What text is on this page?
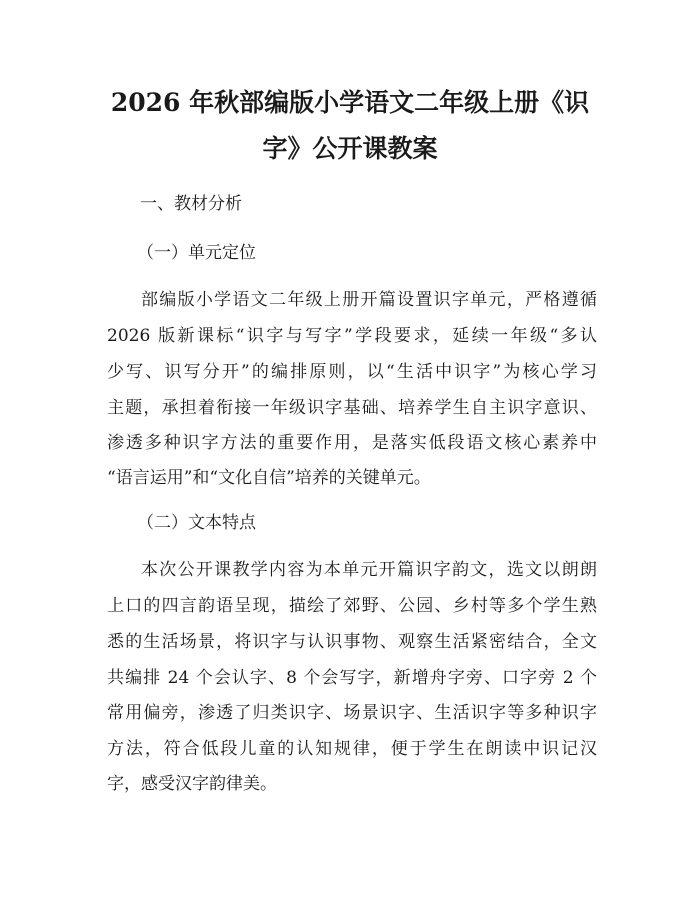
2026 年秋部编版小学语文二年级上册《识
字》公开课教案
一、教材分析
（一）单元定位
部编版小学语文二年级上册开篇设置识字单元，严格遵循
2026 版新课标“识字与写字”学段要求，延续一年级“多认
少写、识写分开”的编排原则，以“生活中识字”为核心学习
主题，承担着衔接一年级识字基础、培养学生自主识字意识、
渗透多种识字方法的重要作用，是落实低段语文核心素养中
“语言运用”和“文化自信”培养的关键单元。
（二）文本特点
本次公开课教学内容为本单元开篇识字韵文，选文以朗朗
上口的四言韵语呈现，描绘了郊野、公园、乡村等多个学生熟
悉的生活场景，将识字与认识事物、观察生活紧密结合，全文
共编排 24 个会认字、8 个会写字，新增舟字旁、口字旁 2 个
常用偏旁，渗透了归类识字、场景识字、生活识字等多种识字
方法，符合低段儿童的认知规律，便于学生在朗读中识记汉
字，感受汉字韵律美。
